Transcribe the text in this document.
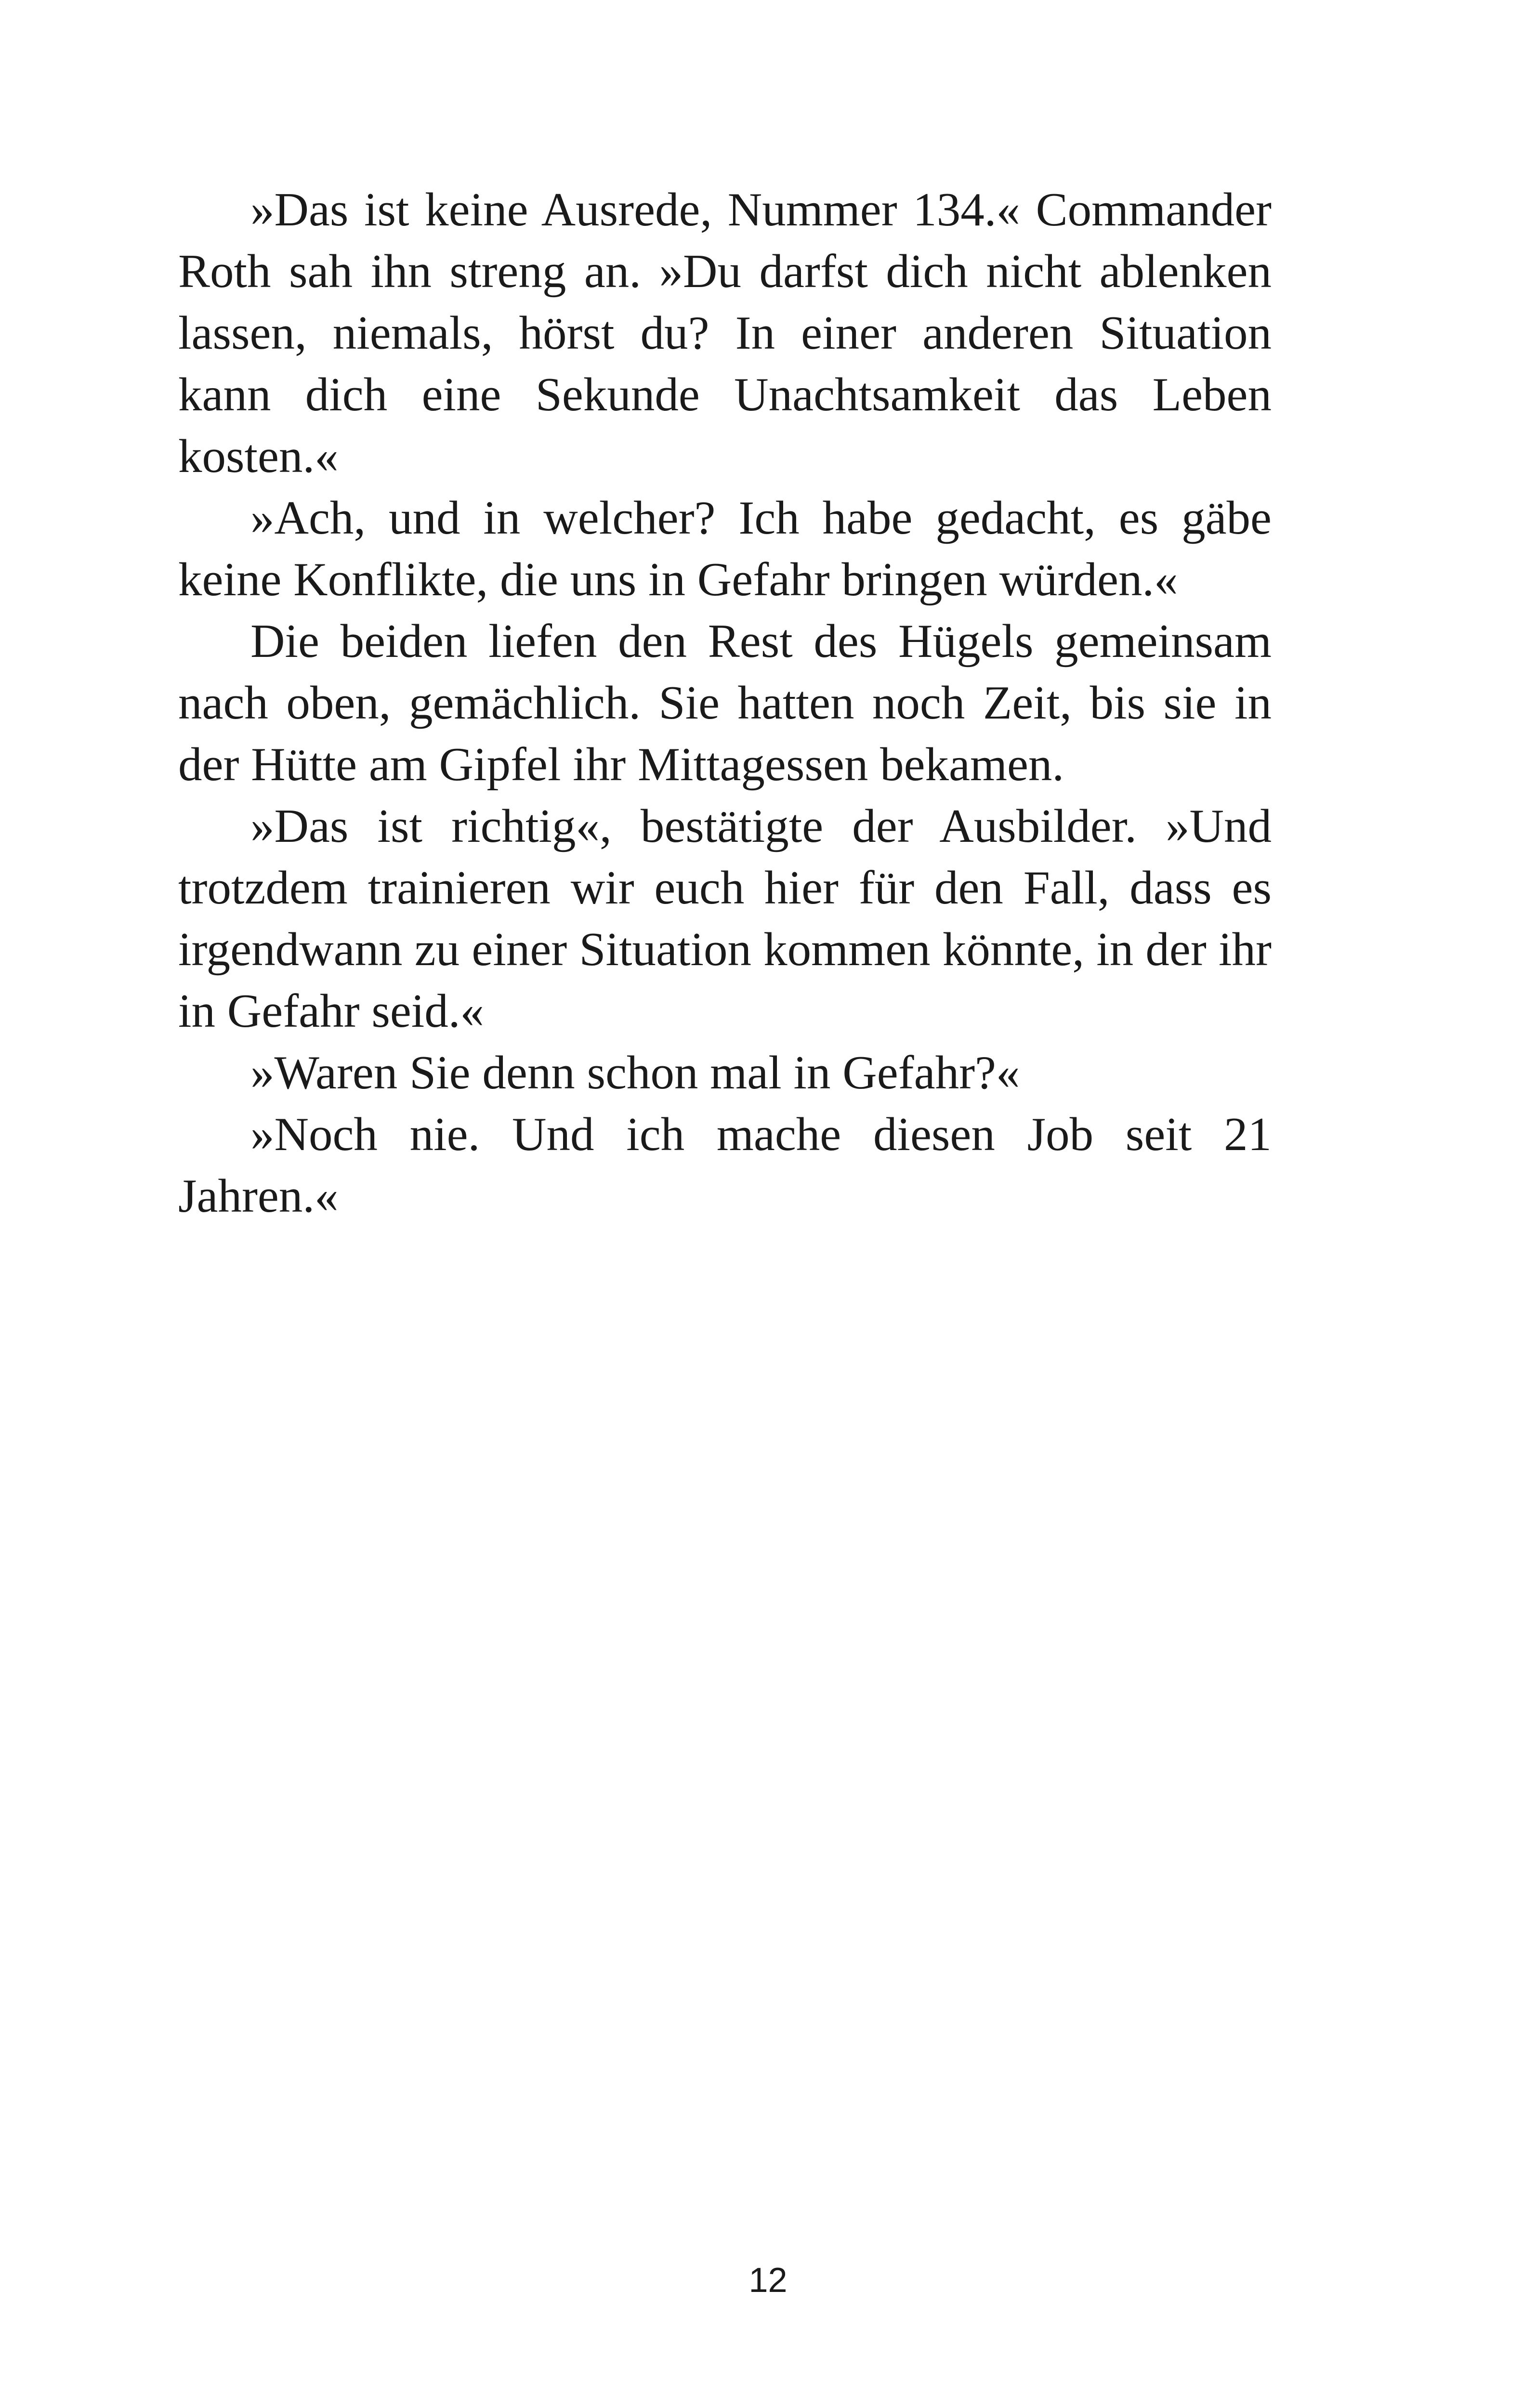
»Das ist keine Ausrede, Nummer 134.« Commander Roth sah ihn streng an. »Du darfst dich nicht ablenken lassen, niemals, hörst du? In einer anderen Situation kann dich eine Sekunde Unachtsamkeit das Leben kosten.«

»Ach, und in welcher? Ich habe gedacht, es gäbe keine Konflikte, die uns in Gefahr bringen würden.«

Die beiden liefen den Rest des Hügels gemeinsam nach oben, gemächlich. Sie hatten noch Zeit, bis sie in der Hütte am Gipfel ihr Mittagessen bekamen.

»Das ist richtig«, bestätigte der Ausbilder. »Und trotzdem trainieren wir euch hier für den Fall, dass es irgendwann zu einer Situation kommen könnte, in der ihr in Gefahr seid.«

»Waren Sie denn schon mal in Gefahr?«

»Noch nie. Und ich mache diesen Job seit 21 Jahren.«

12
